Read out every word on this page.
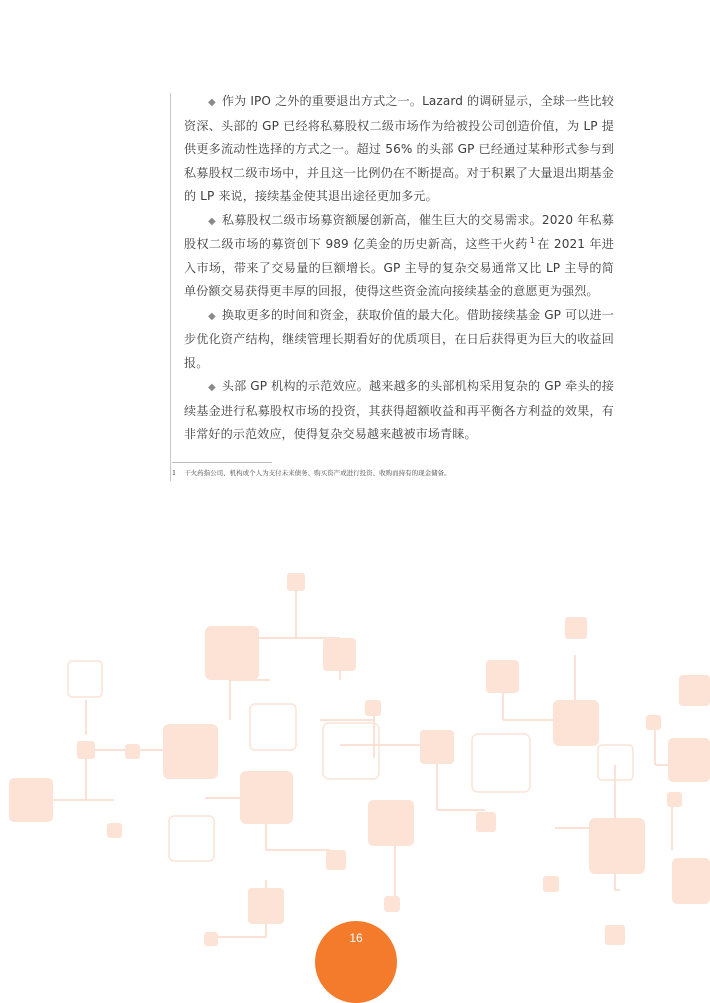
◆ 作为 IPO 之外的重要退出方式之一。Lazard 的调研显示，全球一些比较资深、头部的 GP 已经将私募股权二级市场作为给被投公司创造价值，为 LP 提供更多流动性选择的方式之一。超过 56% 的头部 GP 已经通过某种形式参与到私募股权二级市场中，并且这一比例仍在不断提高。对于积累了大量退出期基金的 LP 来说，接续基金使其退出途径更加多元。

◆ 私募股权二级市场募资额屡创新高，催生巨大的交易需求。2020 年私募股权二级市场的募资创下 989 亿美金的历史新高，这些干火药 $^1$ 在 2021 年进入市场，带来了交易量的巨额增长。GP 主导的复杂交易通常又比 LP 主导的简单份额交易获得更丰厚的回报，使得这些资金流向接续基金的意愿更为强烈。

◆ 换取更多的时间和资金，获取价值的最大化。借助接续基金 GP 可以进一步优化资产结构，继续管理长期看好的优质项目，在日后获得更为巨大的收益回报。

◆ 头部 GP 机构的示范效应。越来越多的头部机构采用复杂的 GP 牵头的接续基金进行私募股权市场的投资，其获得超额收益和再平衡各方利益的效果，有非常好的示范效应，使得复杂交易越来越被市场青睐。

1 干火药指公司、机构或个人为支付未来债务、购买资产或进行投资、收购而持有的现金储备。
16
